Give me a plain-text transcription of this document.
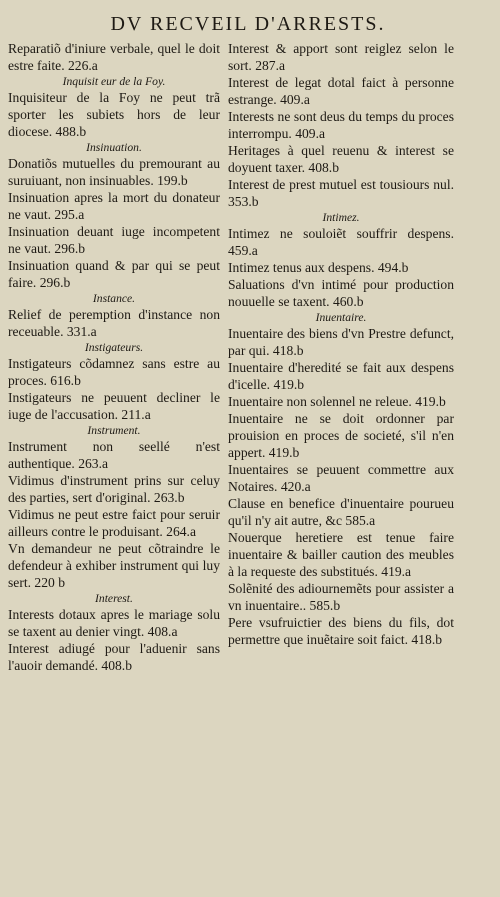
DV RECVEIL D'ARRESTS.
Reparatiõ d'iniure verbale, quel le doit estre faite. 226.a
Inquisit eur de la Foy.
Inquisiteur de la Foy ne peut trã sporter les subiets hors de leur diocese. 488.b
Insinuation.
Donatiõs mutuelles du premourant au suruiuant, non insinuables. 199.b
Insinuation apres la mort du donateur ne vaut. 295.a
Insinuation deuant iuge incompetent ne vaut. 296.b
Insinuation quand & par qui se peut faire. 296.b
Instance.
Relief de peremption d'instance non receuable. 331.a
Instigateurs.
Instigateurs cõdamnez sans estre au proces. 616.b
Instigateurs ne peuuent decliner le iuge de l'accusation. 211.a
Instrument.
Instrument non seellé n'est authentique. 263.a
Vidimus d'instrument prins sur celuy des parties, sert d'original. 263.b
Vidimus ne peut estre faict pour seruir ailleurs contre le produisant. 264.a
Vn demandeur ne peut cõtraindre le defendeur à exhiber instrument qui luy sert. 220 b
Interest.
Interests dotaux apres le mariage solu se taxent au denier vingt. 408.a
Interest adiugé pour l'aduenir sans l'auoir demandé. 408.b
Interest & apport sont reiglez selon le sort. 287.a
Interest de legat dotal faict à personne estrange. 409.a
Interests ne sont deus du temps du proces interrompu. 409.a
Heritages à quel reuenu & interest se doyuent taxer. 408.b
Interest de prest mutuel est tousiours nul. 353.b
Intimez.
Intimez ne souloiẽt souffrir despens. 459.a
Intimez tenus aux despens. 494.b
Saluations d'vn intimé pour production nouuelle se taxent. 460.b
Inuentaire.
Inuentaire des biens d'vn Prestre defunct, par qui. 418.b
Inuentaire d'heredité se fait aux despens d'icelle. 419.b
Inuentaire non solennel ne releue. 419.b
Inuentaire ne se doit ordonner par prouision en proces de societé, s'il n'en appert. 419.b
Inuentaires se peuuent commettre aux Notaires. 420.a
Clause en benefice d'inuentaire pourueu qu'il n'y ait autre, &c 585.a
Nouerque heretiere est tenue faire inuentaire & bailler caution des meubles à la requeste des substitués. 419.a
Solẽnité des adiournemẽts pour assister a vn inuentaire.. 585.b
Pere vsufruictier des biens du fils, dot permettre que inuẽtaire soit faict. 418.b
